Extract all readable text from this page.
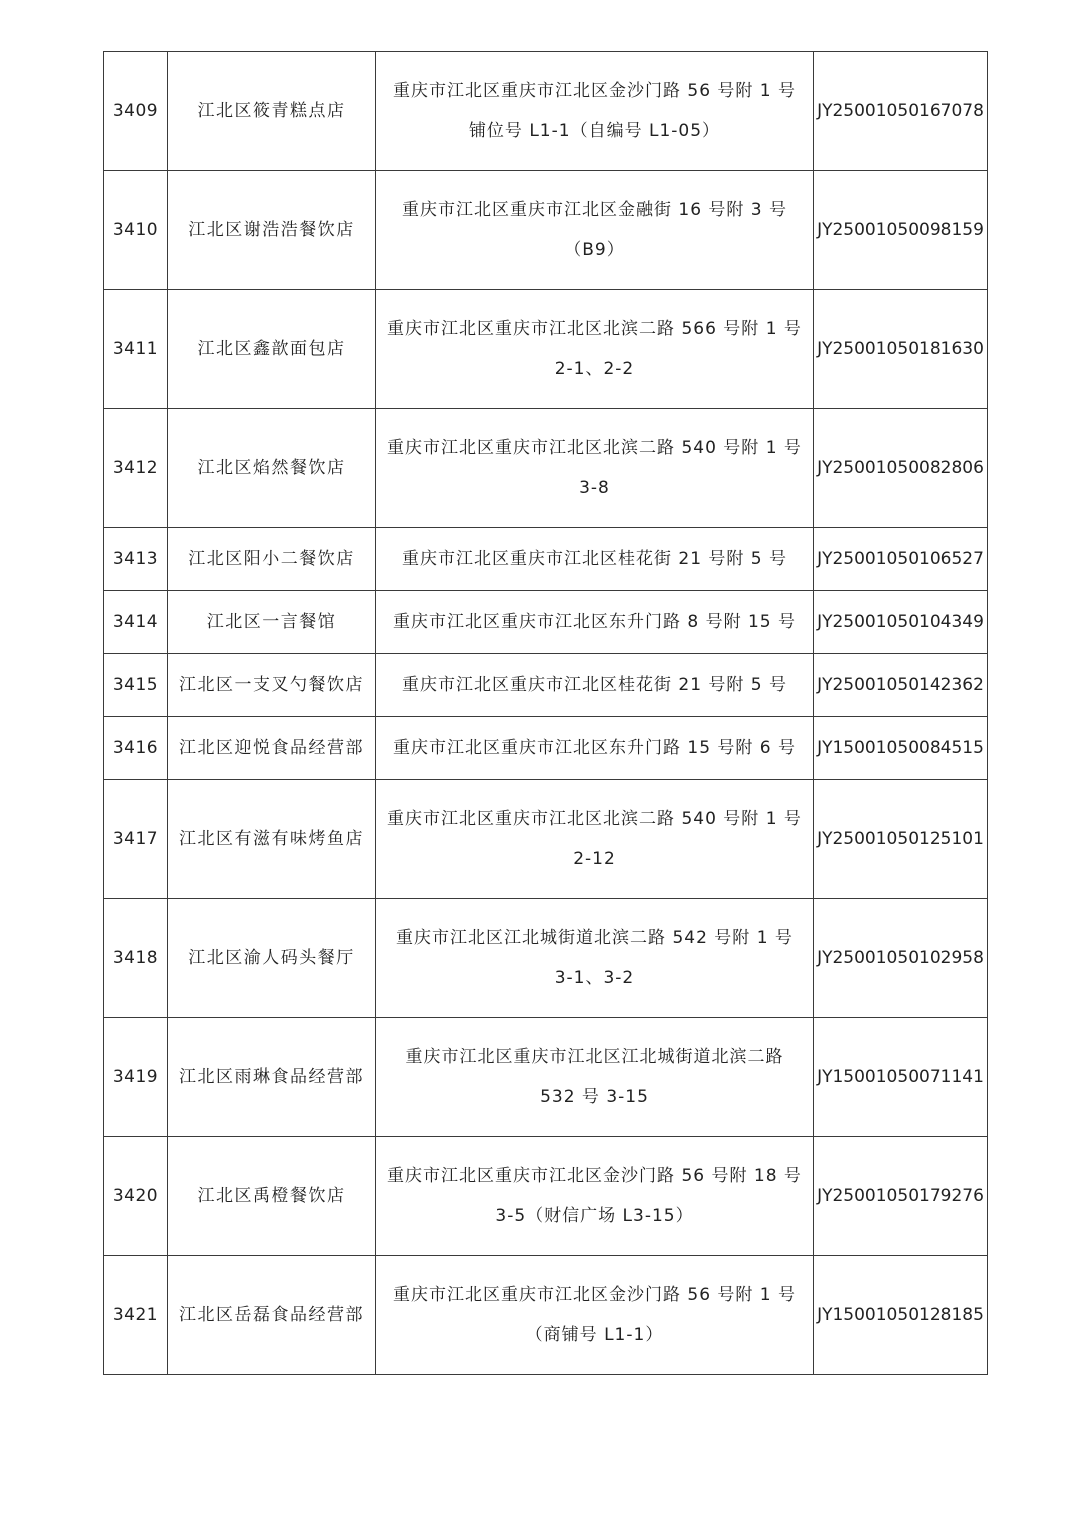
3409	江北区筱青糕点店	重庆市江北区重庆市江北区金沙门路 56 号附 1 号
铺位号 L1-1（自编号 L1-05）	JY25001050167078
3410	江北区谢浩浩餐饮店	重庆市江北区重庆市江北区金融街 16 号附 3 号
（B9）	JY25001050098159
3411	江北区鑫歆面包店	重庆市江北区重庆市江北区北滨二路 566 号附 1 号
2-1、2-2	JY25001050181630
3412	江北区焰然餐饮店	重庆市江北区重庆市江北区北滨二路 540 号附 1 号
3-8	JY25001050082806
3413	江北区阳小二餐饮店	重庆市江北区重庆市江北区桂花街 21 号附 5 号	JY25001050106527
3414	江北区一言餐馆	重庆市江北区重庆市江北区东升门路 8 号附 15 号	JY25001050104349
3415	江北区一支叉勺餐饮店	重庆市江北区重庆市江北区桂花街 21 号附 5 号	JY25001050142362
3416	江北区迎悦食品经营部	重庆市江北区重庆市江北区东升门路 15 号附 6 号	JY15001050084515
3417	江北区有滋有味烤鱼店	重庆市江北区重庆市江北区北滨二路 540 号附 1 号
2-12	JY25001050125101
3418	江北区渝人码头餐厅	重庆市江北区江北城街道北滨二路 542 号附 1 号
3-1、3-2	JY25001050102958
3419	江北区雨琳食品经营部	重庆市江北区重庆市江北区江北城街道北滨二路
532 号 3-15	JY15001050071141
3420	江北区禹橙餐饮店	重庆市江北区重庆市江北区金沙门路 56 号附 18 号
3-5（财信广场 L3-15）	JY25001050179276
3421	江北区岳磊食品经营部	重庆市江北区重庆市江北区金沙门路 56 号附 1 号
（商铺号 L1-1）	JY15001050128185
